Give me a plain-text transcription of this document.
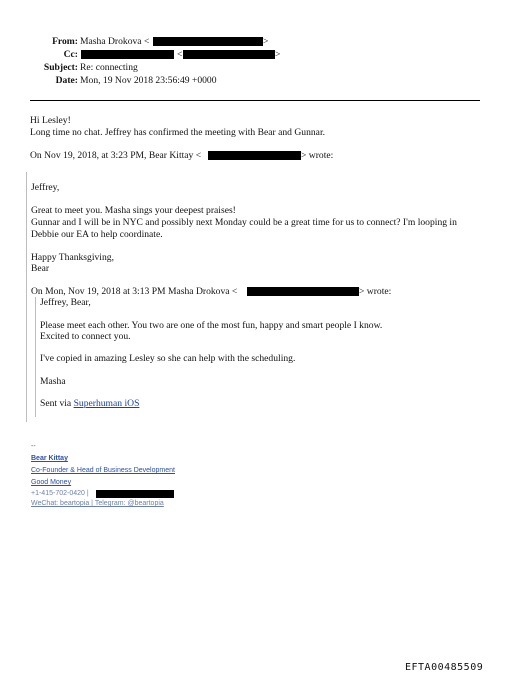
From: Masha Drokova <	>
Cc:	<	>
Subject: Re: connecting
Date: Mon, 19 Nov 2018 23:56:49 +0000
Hi Lesley!
Long time no chat. Jeffrey has confirmed the meeting with Bear and Gunnar.
On Nov 19, 2018, at 3:23 PM, Bear Kittay <	> wrote:
Jeffrey,
Great to meet you. Masha sings your deepest praises!
Gunnar and I will be in NYC and possibly next Monday could be a great time for us to connect? I'm looping in
Debbie our EA to help coordinate.
Happy Thanksgiving,
Bear
On Mon, Nov 19, 2018 at 3:13 PM Masha Drokova <	> wrote:
Jeffrey, Bear,
Please meet each other. You two are one of the most fun, happy and smart people I know.
Excited to connect you.
I've copied in amazing Lesley so she can help with the scheduling.
Masha
Sent via Superhuman iOS
--
Bear Kittay
Co-Founder & Head of Business Development
Good Money
+1-415-702-0420 |
WeChat: beartopia | Telegram: @beartopia
EFTA00485509
